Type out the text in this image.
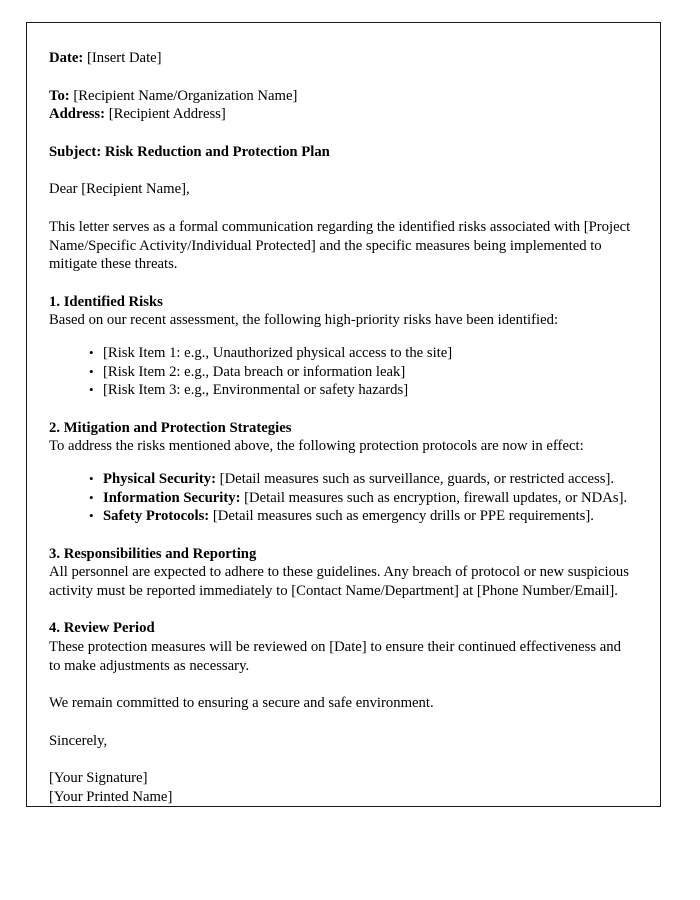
Date: [Insert Date]
To: [Recipient Name/Organization Name]
Address: [Recipient Address]
Subject: Risk Reduction and Protection Plan
Dear [Recipient Name],
This letter serves as a formal communication regarding the identified risks associated with [Project Name/Specific Activity/Individual Protected] and the specific measures being implemented to mitigate these threats.
1. Identified Risks
Based on our recent assessment, the following high-priority risks have been identified:
• [Risk Item 1: e.g., Unauthorized physical access to the site]
• [Risk Item 2: e.g., Data breach or information leak]
• [Risk Item 3: e.g., Environmental or safety hazards]
2. Mitigation and Protection Strategies
To address the risks mentioned above, the following protection protocols are now in effect:
• Physical Security: [Detail measures such as surveillance, guards, or restricted access].
• Information Security: [Detail measures such as encryption, firewall updates, or NDAs].
• Safety Protocols: [Detail measures such as emergency drills or PPE requirements].
3. Responsibilities and Reporting
All personnel are expected to adhere to these guidelines. Any breach of protocol or new suspicious activity must be reported immediately to [Contact Name/Department] at [Phone Number/Email].
4. Review Period
These protection measures will be reviewed on [Date] to ensure their continued effectiveness and to make adjustments as necessary.
We remain committed to ensuring a secure and safe environment.
Sincerely,
[Your Signature]
[Your Printed Name]
